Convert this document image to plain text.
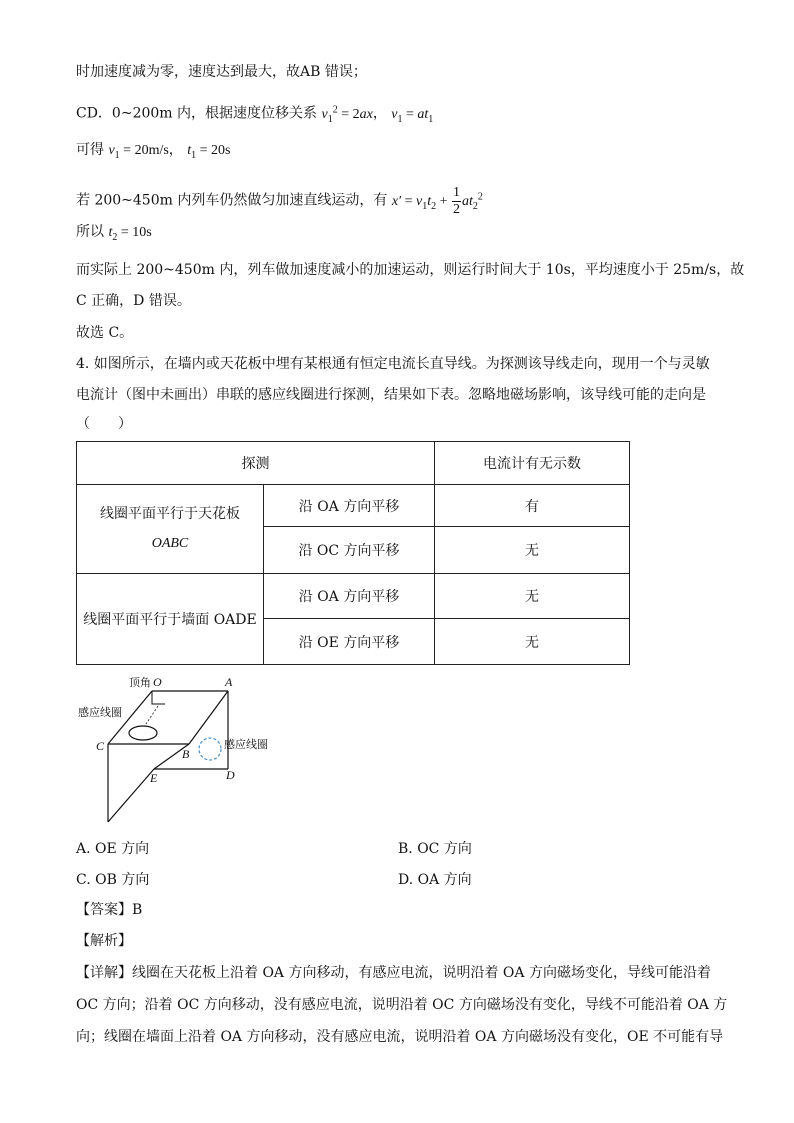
时加速度减为零，速度达到最大，故AB 错误；
CD．0~200m 内，根据速度位移关系 $v_1^2 = 2ax$， $v_1 = at_1$
可得 $v_1 = 20m/s$， $t_1 = 20s$
若 200~450m 内列车仍然做匀加速直线运动，有 $x' = v_1t_2 + \frac{1}{2} at_2^2$
所以 $t_2 = 10s$
而实际上 200~450m 内，列车做加速度减小的加速运动，则运行时间大于 10s，平均速度小于 25m/s，故
C 正确，D 错误。
故选 C。
4. 如图所示，在墙内或天花板中埋有某根通有恒定电流长直导线。为探测该导线走向，现用一个与灵敏
电流计（图中未画出）串联的感应线圈进行探测，结果如下表。忽略地磁场影响，该导线可能的走向是
（　　）
探测		电流计有无示数

线圈平面平行于天花板
OABC	沿 OA 方向平移	有
	沿 OC 方向平移	无
线圈平面平行于墙面 OADE	沿 OA 方向平移	无
	沿 OE 方向平移	无
顶角 O	A
B
C
D
E
感应线圈
感应线圈
A. OE 方向	B. OC 方向
C. OB 方向	D. OA 方向
【答案】B
【解析】
【详解】线圈在天花板上沿着 OA 方向移动，有感应电流，说明沿着 OA 方向磁场变化，导线可能沿着
OC 方向；沿着 OC 方向移动，没有感应电流，说明沿着 OC 方向磁场没有变化，导线不可能沿着 OA 方
向；线圈在墙面上沿着 OA 方向移动，没有感应电流，说明沿着 OA 方向磁场没有变化，OE 不可能有导
